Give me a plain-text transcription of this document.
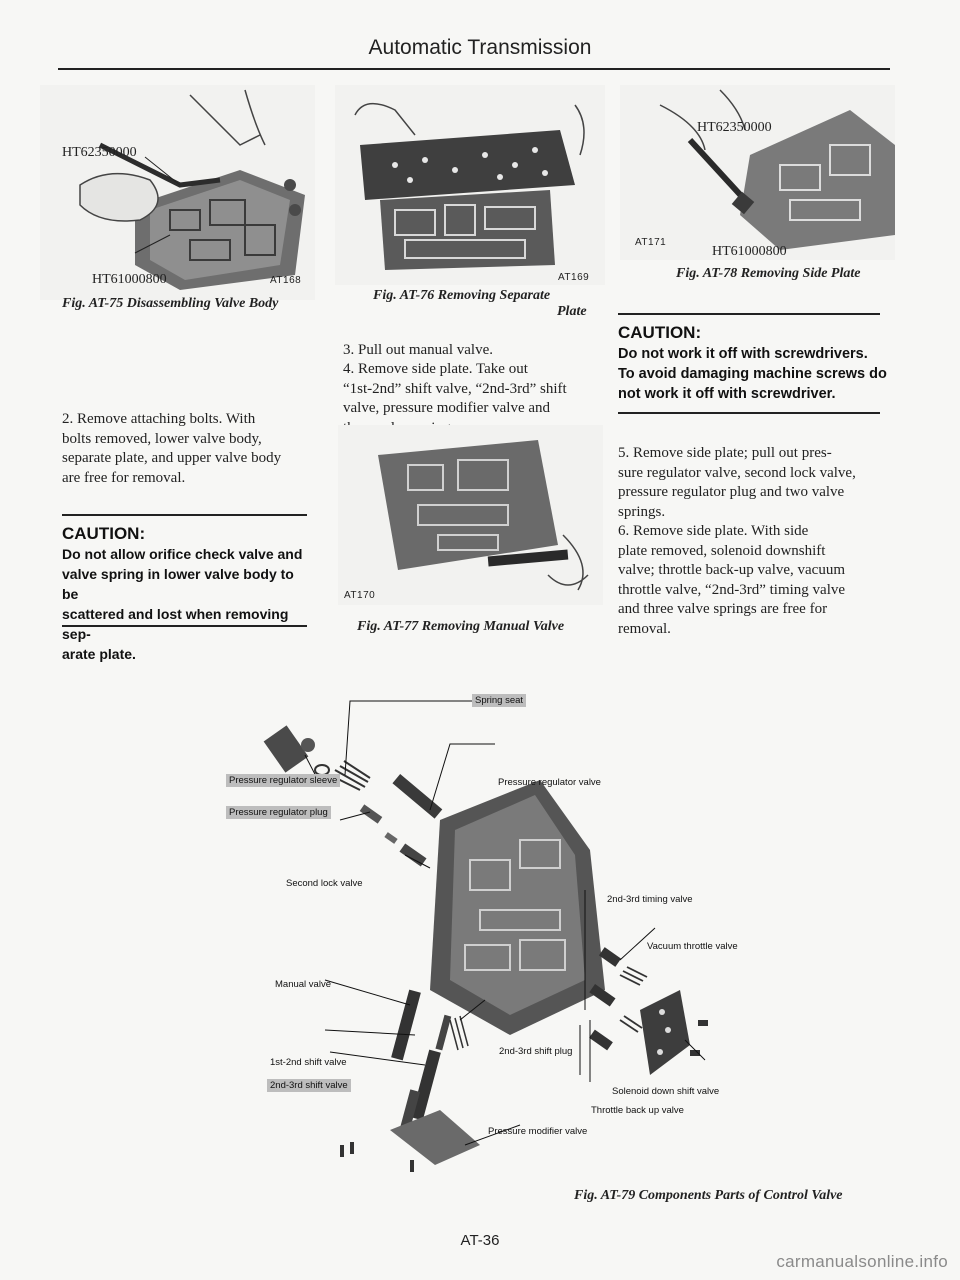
Automatic Transmission
HT62350000
HT61000800	AT168
Fig. AT-75 Disassembling Valve Body
2. Remove attaching bolts. With
bolts removed, lower valve body,
separate plate, and upper valve body
are free for removal.
CAUTION:
Do not allow orifice check valve and
valve spring in lower valve body to be
scattered and lost when removing sep-
arate plate.
AT169
Fig. AT-76 Removing Separate
Plate
3. Pull out manual valve.
4. Remove side plate. Take out
“1st-2nd” shift valve, “2nd-3rd” shift
valve, pressure modifier valve and
AT170
Fig. AT-77 Removing Manual Valve
HT62350000
AT171
HT61000800
Fig. AT-78 Removing Side Plate
CAUTION:
Do not work it off with screwdrivers.
To avoid damaging machine screws do
not work it off with screwdriver.
5. Remove side plate; pull out pres-
sure regulator valve, second lock valve,
pressure regulator plug and two valve
springs.
6. Remove side plate. With side
plate removed, solenoid downshift
valve; throttle back-up valve, vacuum
throttle valve, “2nd-3rd” timing valve
and three valve springs are free for
removal.
Spring seat
Pressure regulator sleeve	Pressure regulator valve
Pressure regulator plug
Second lock valve
2nd-3rd timing valve
Vacuum throttle valve
Manual valve
2nd-3rd shift plug
1st-2nd shift valve
2nd-3rd shift valve
Solenoid down shift valve
Throttle back up valve
Pressure modifier valve
Fig. AT-79 Components Parts of Control Valve
AT-36
carmanualsonline.info
